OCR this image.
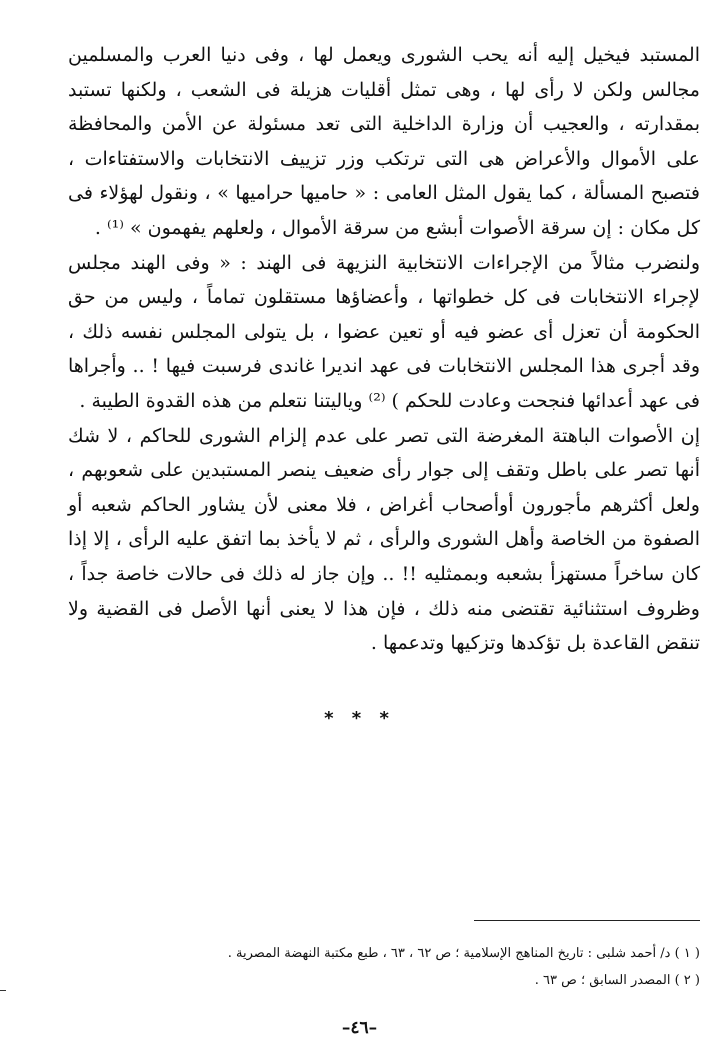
المستبد فيخيل إليه أنه يحب الشورى ويعمل لها ، وفى دنيا العرب والمسلمين مجالس ولكن لا رأى لها ، وهى تمثل أقليات هزيلة فى الشعب ، ولكنها تستبد بمقدارته ، والعجيب أن وزارة الداخلية التى تعد مسئولة عن الأمن والمحافظة على الأموال والأعراض هى التى ترتكب وزر تزييف الانتخابات والاستفتاءات ، فتصبح المسألة ، كما يقول المثل العامى : « حاميها حراميها » ، ونقول لهؤلاء فى كل مكان : إن سرقة الأصوات أبشع من سرقة الأموال ، ولعلهم يفهمون » ⁽¹⁾ .

ولنضرب مثالاً من الإجراءات الانتخابية النزيهة فى الهند : « وفى الهند مجلس لإجراء الانتخابات فى كل خطواتها ، وأعضاؤها مستقلون تماماً ، وليس من حق الحكومة أن تعزل أى عضو فيه أو تعين عضوا ، بل يتولى المجلس نفسه ذلك ، وقد أجرى هذا المجلس الانتخابات فى عهد انديرا غاندى فرسبت فيها ! .. وأجراها فى عهد أعدائها فنجحت وعادت للحكم ) ⁽²⁾ وياليتنا نتعلم من هذه القدوة الطيبة .

إن الأصوات الباهتة المغرضة التى تصر على عدم إلزام الشورى للحاكم ، لا شك أنها تصر على باطل وتقف إلى جوار رأى ضعيف ينصر المستبدين على شعوبهم ، ولعل أكثرهم مأجورون أوأصحاب أغراض ، فلا معنى لأن يشاور الحاكم شعبه أو الصفوة من الخاصة وأهل الشورى والرأى ، ثم لا يأخذ بما اتفق عليه الرأى ، إلا إذا كان ساخراً مستهزأ بشعبه وبممثليه !! .. وإن جاز له ذلك فى حالات خاصة جداً ، وظروف استثنائية تقتضى منه ذلك ، فإن هذا لا يعنى أنها الأصل فى القضية ولا تنقض القاعدة بل تؤكدها وتزكيها وتدعمها .

* * *

( ١ ) د/ أحمد شلبى : تاريخ المناهج الإسلامية ؛ ص ٦٢ ، ٦٣ ، طبع مكتبة النهضة المصرية .

( ٢ ) المصدر السابق ؛ ص ٦٣ .

–٤٦–
